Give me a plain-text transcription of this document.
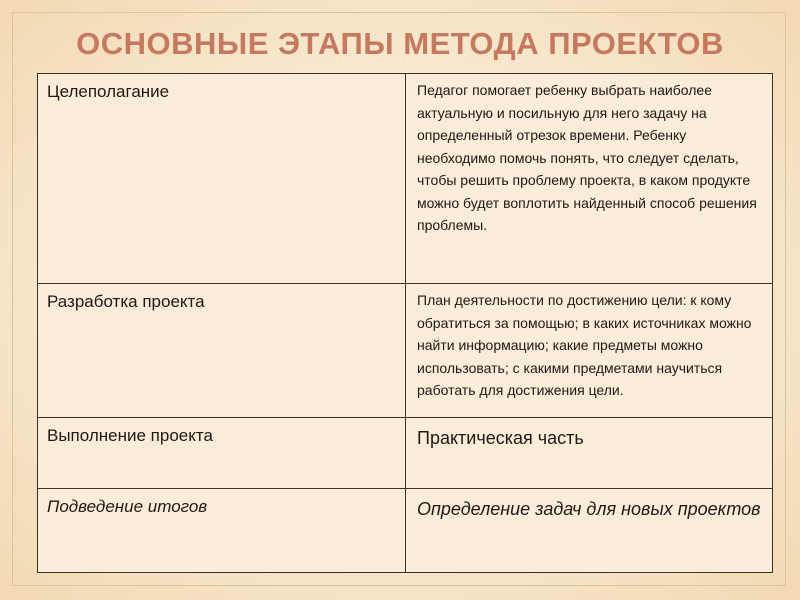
ОСНОВНЫЕ ЭТАПЫ МЕТОДА ПРОЕКТОВ
Целеполагание	Педагог помогает ребенку выбрать наиболее актуальную и посильную для него задачу на определенный отрезок времени. Ребенку необходимо помочь понять, что следует сделать, чтобы решить проблему проекта, в каком продукте можно будет воплотить найденный способ решения проблемы.
Разработка проекта	План деятельности по достижению цели: к кому обратиться за помощью; в каких источниках можно найти информацию; какие предметы можно использовать; с какими предметами научиться работать для достижения цели.
Выполнение проекта	Практическая часть
Подведение итогов	Определение задач для новых проектов
